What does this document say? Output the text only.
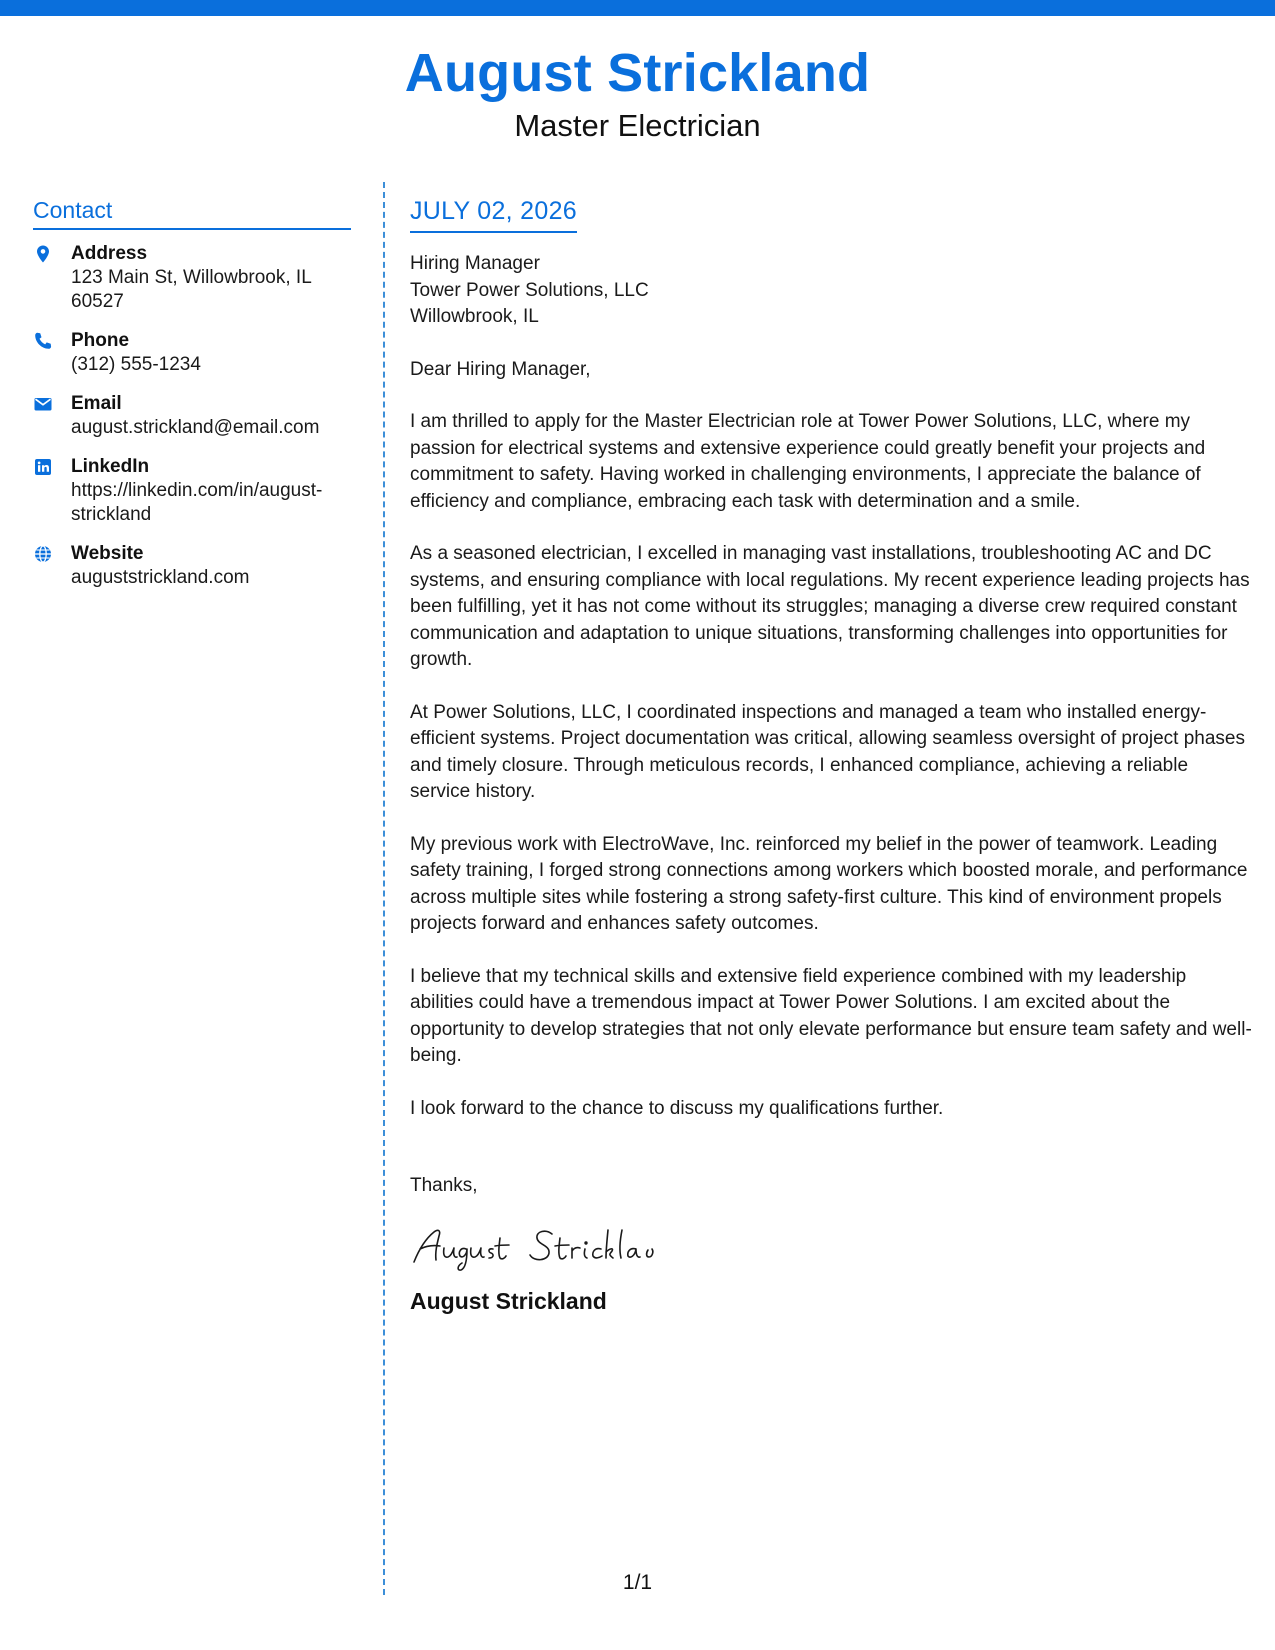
August Strickland
Master Electrician
Contact
Address
123 Main St, Willowbrook, IL 60527
Phone
(312) 555-1234
Email
august.strickland@email.com
LinkedIn
https://linkedin.com/in/august-strickland
Website
auguststrickland.com
JULY 02, 2026
Hiring Manager
Tower Power Solutions, LLC
Willowbrook, IL

Dear Hiring Manager,

I am thrilled to apply for the Master Electrician role at Tower Power Solutions, LLC, where my passion for electrical systems and extensive experience could greatly benefit your projects and commitment to safety. Having worked in challenging environments, I appreciate the balance of efficiency and compliance, embracing each task with determination and a smile.

As a seasoned electrician, I excelled in managing vast installations, troubleshooting AC and DC systems, and ensuring compliance with local regulations. My recent experience leading projects has been fulfilling, yet it has not come without its struggles; managing a diverse crew required constant communication and adaptation to unique situations, transforming challenges into opportunities for growth.

At Power Solutions, LLC, I coordinated inspections and managed a team who installed energy-efficient systems. Project documentation was critical, allowing seamless oversight of project phases and timely closure. Through meticulous records, I enhanced compliance, achieving a reliable service history.

My previous work with ElectroWave, Inc. reinforced my belief in the power of teamwork. Leading safety training, I forged strong connections among workers which boosted morale, and performance across multiple sites while fostering a strong safety-first culture. This kind of environment propels projects forward and enhances safety outcomes.

I believe that my technical skills and extensive field experience combined with my leadership abilities could have a tremendous impact at Tower Power Solutions. I am excited about the opportunity to develop strategies that not only elevate performance but ensure team safety and well-being.

I look forward to the chance to discuss my qualifications further.

Thanks,
August Strickland
1/1
